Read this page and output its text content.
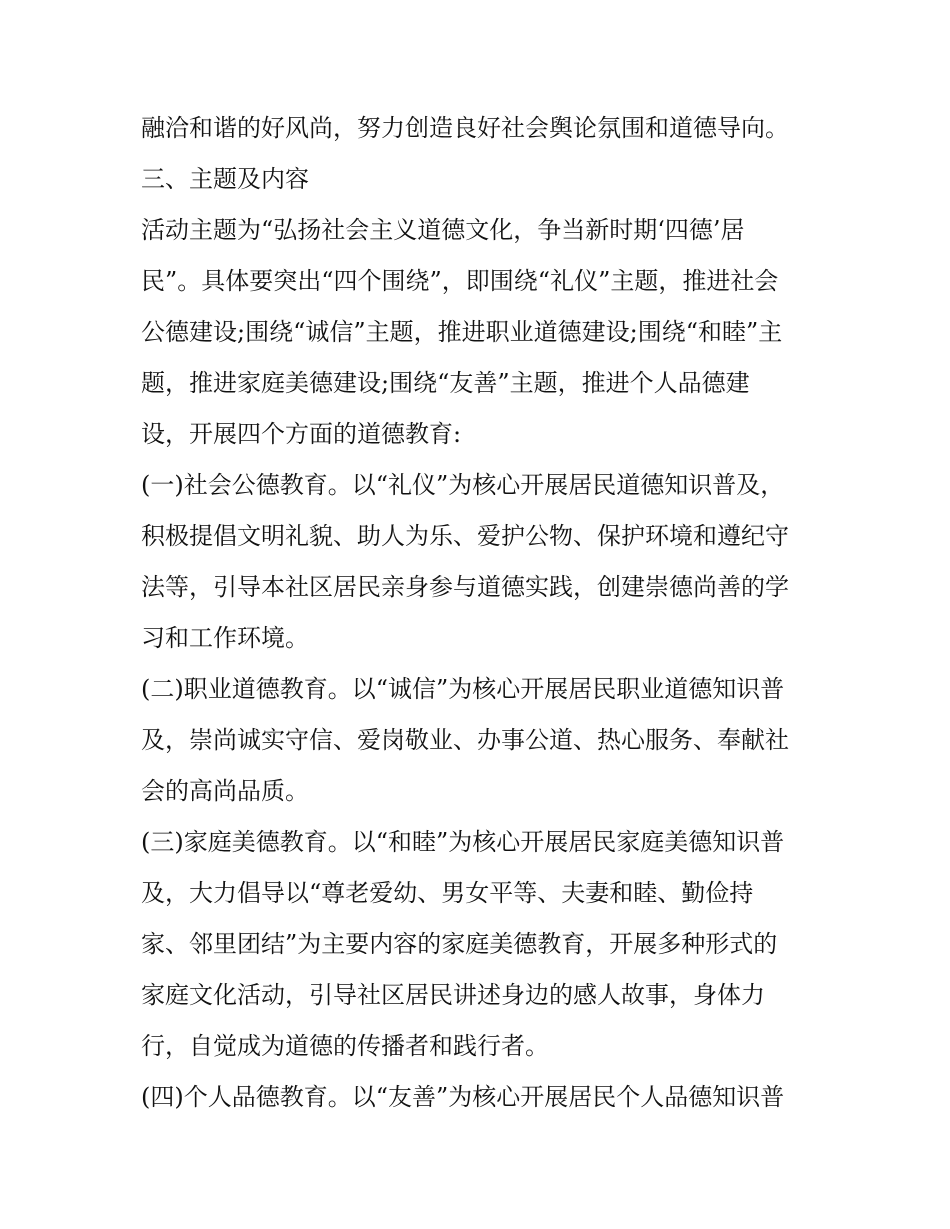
融洽和谐的好风尚，努力创造良好社会舆论氛围和道德导向。
三、主题及内容
活动主题为“弘扬社会主义道德文化，争当新时期‘四德’居
民”。具体要突出“四个围绕”，即围绕“礼仪”主题，推进社会
公德建设;围绕“诚信”主题，推进职业道德建设;围绕“和睦”主
题，推进家庭美德建设;围绕“友善”主题，推进个人品德建
设，开展四个方面的道德教育:
(一)社会公德教育。以“礼仪”为核心开展居民道德知识普及，
积极提倡文明礼貌、助人为乐、爱护公物、保护环境和遵纪守
法等，引导本社区居民亲身参与道德实践，创建崇德尚善的学
习和工作环境。
(二)职业道德教育。以“诚信”为核心开展居民职业道德知识普
及，崇尚诚实守信、爱岗敬业、办事公道、热心服务、奉献社
会的高尚品质。
(三)家庭美德教育。以“和睦”为核心开展居民家庭美德知识普
及，大力倡导以“尊老爱幼、男女平等、夫妻和睦、勤俭持
家、邻里团结”为主要内容的家庭美德教育，开展多种形式的
家庭文化活动，引导社区居民讲述身边的感人故事，身体力
行，自觉成为道德的传播者和践行者。
(四)个人品德教育。以“友善”为核心开展居民个人品德知识普
